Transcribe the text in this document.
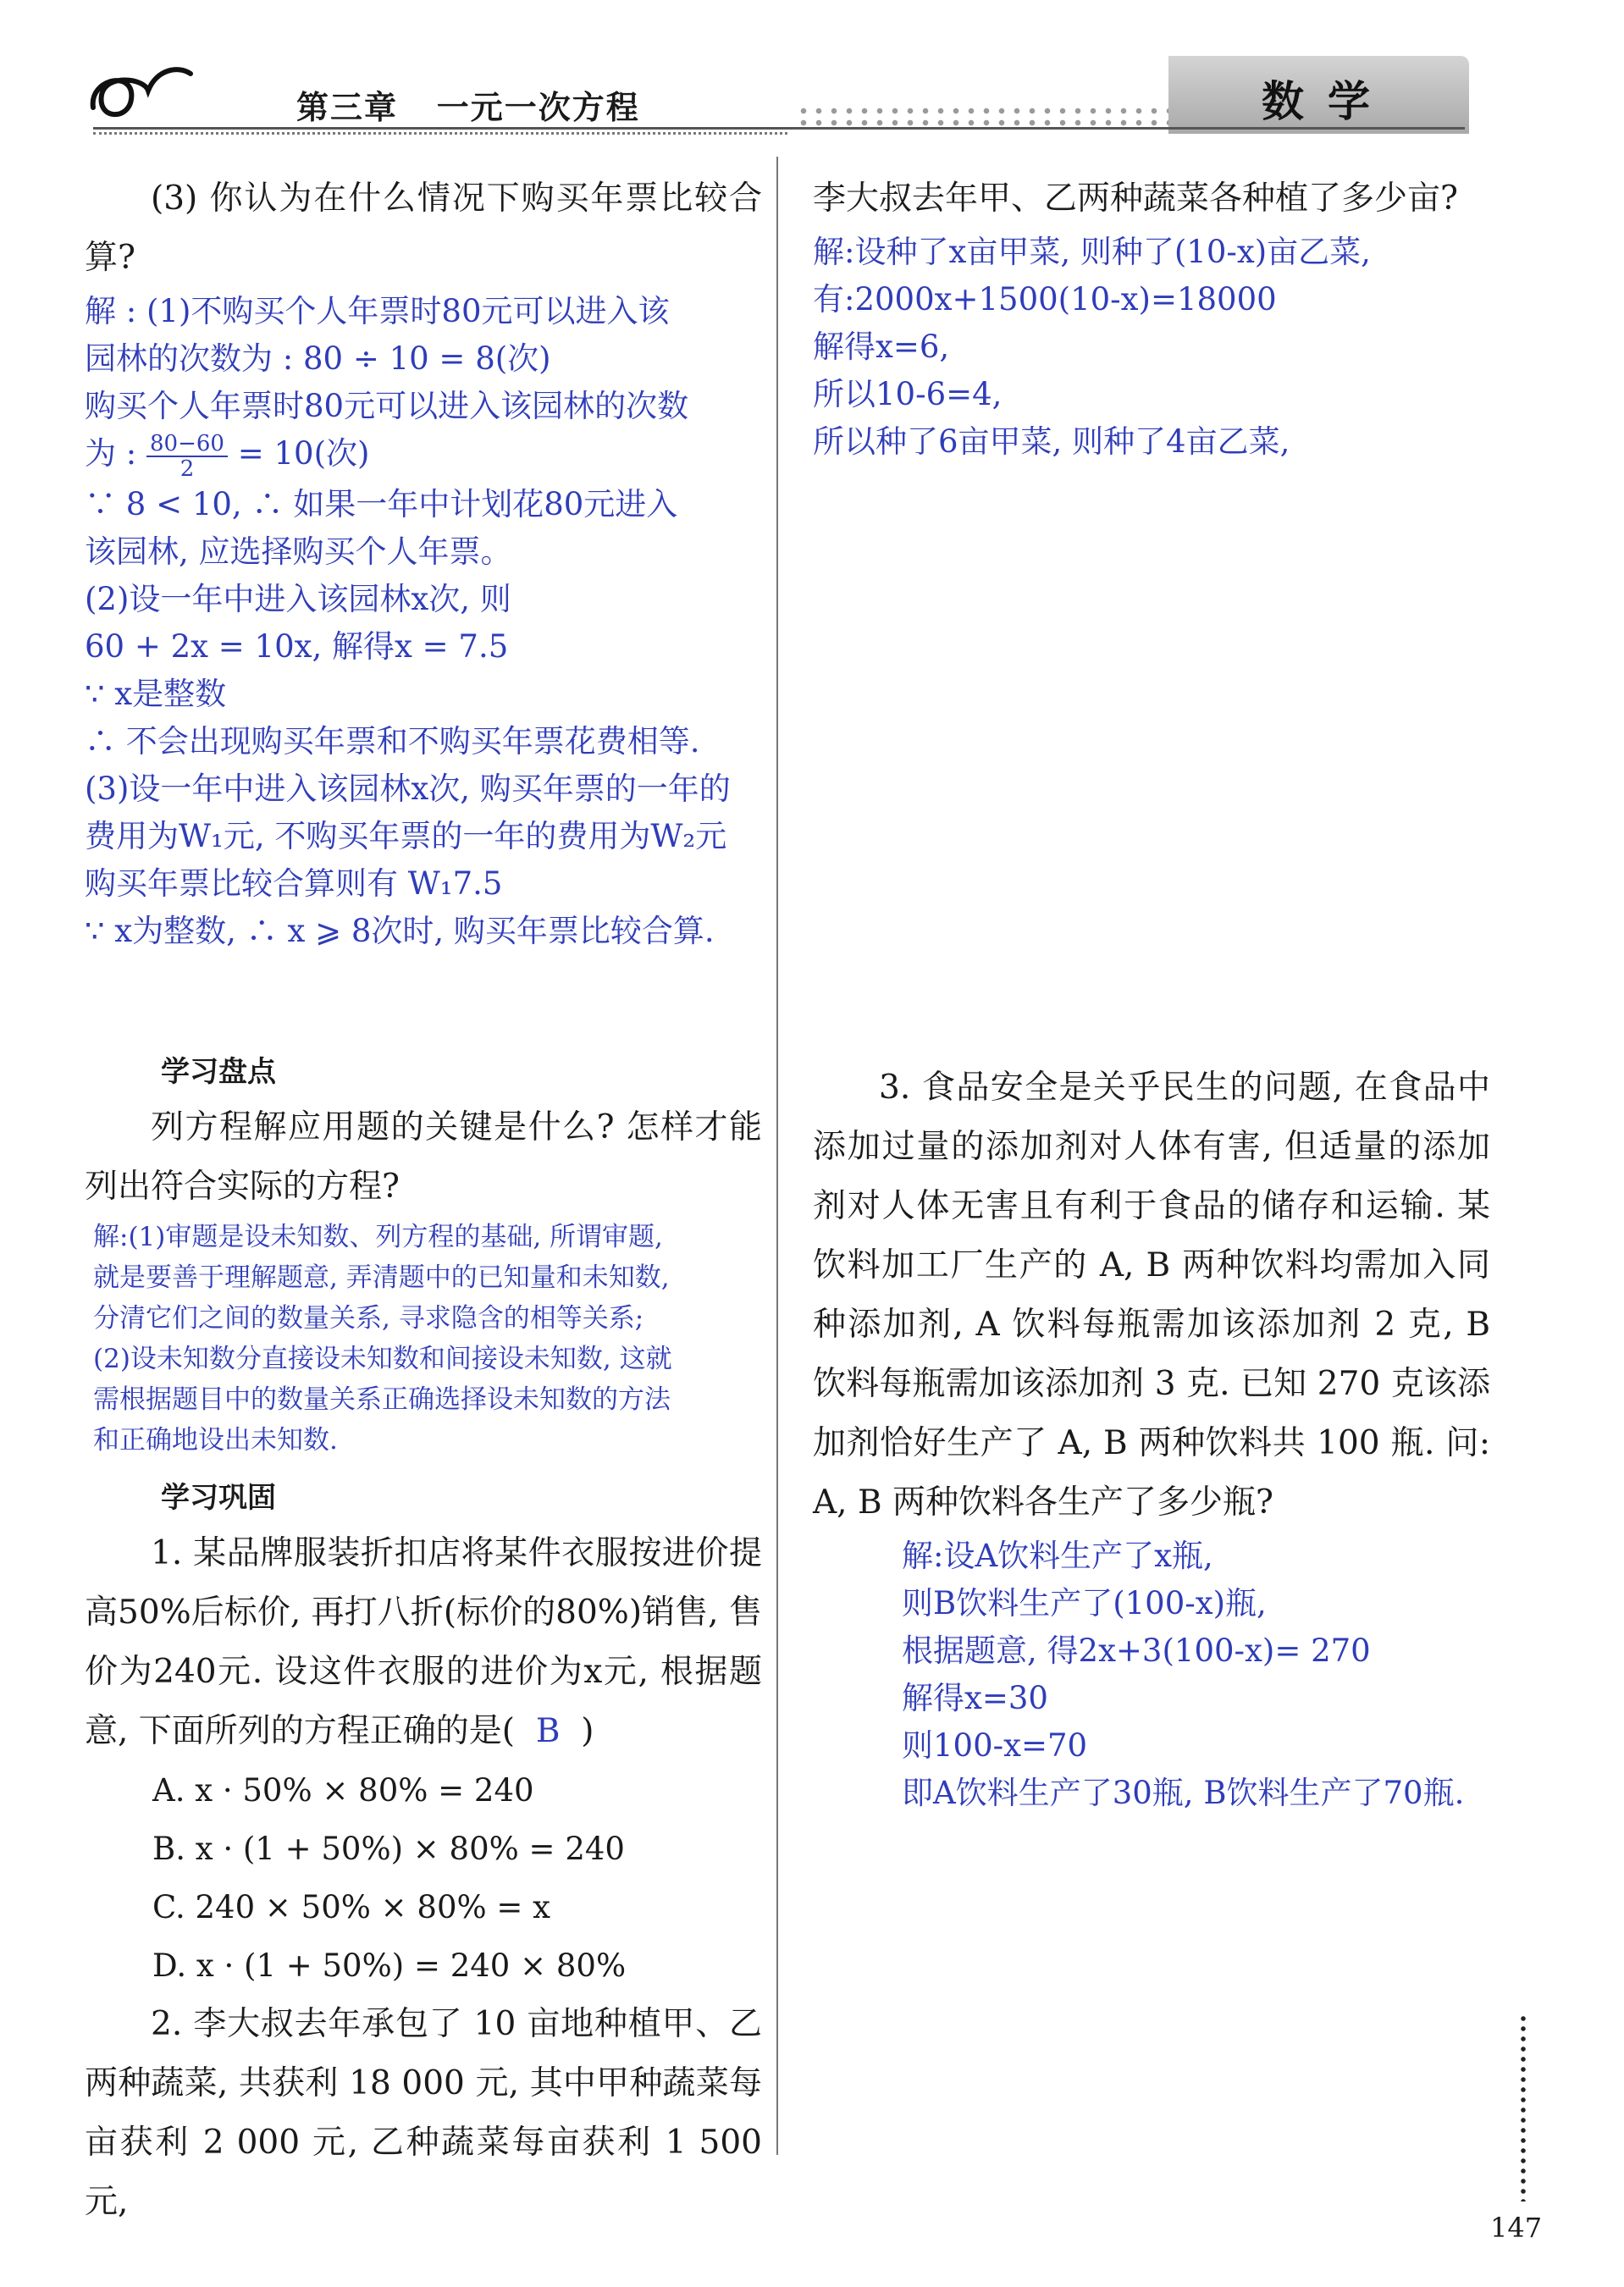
第三章   一元一次方程	数学

(3) 你认为在什么情况下购买年票比较合算?

解 : (1)不购买个人年票时80元可以进入该

园林的次数为 : 80 ÷ 10 = 8(次)

购买个人年票时80元可以进入该园林的次数

为 : $\frac{80-60}{2} = 10$(次)

∵ 8 < 10, ∴ 如果一年中计划花80元进入

该园林, 应选择购买个人年票。

(2)设一年中进入该园林x次, 则

60 + 2x = 10x, 解得x = 7.5

∵ x是整数

∴ 不会出现购买年票和不购买年票花费相等.

(3)设一年中进入该园林x次, 购买年票的一年的

费用为W₁元, 不购买年票的一年的费用为W₂元

购买年票比较合算则有 W₁7.5

∵ x为整数, ∴ x ⩾ 8次时, 购买年票比较合算.

学习盘点

列方程解应用题的关键是什么? 怎样才能列出符合实际的方程?

解:(1)审题是设未知数、列方程的基础, 所谓审题,

就是要善于理解题意, 弄清题中的已知量和未知数,

分清它们之间的数量关系, 寻求隐含的相等关系;

(2)设未知数分直接设未知数和间接设未知数, 这就

需根据题目中的数量关系正确选择设未知数的方法

和正确地设出未知数.

学习巩固

1. 某品牌服装折扣店将某件衣服按进价提高50%后标价, 再打八折(标价的80%)销售, 售价为240元. 设这件衣服的进价为x元, 根据题意, 下面所列的方程正确的是( B )

A. x · 50% × 80% = 240

B. x · (1 + 50%) × 80% = 240

C. 240 × 50% × 80% = x

D. x · (1 + 50%) = 240 × 80%

2. 李大叔去年承包了 10 亩地种植甲、乙两种蔬菜, 共获利 18 000 元, 其中甲种蔬菜每亩获利 2 000 元, 乙种蔬菜每亩获利 1 500 元,

李大叔去年甲、乙两种蔬菜各种植了多少亩?

解:设种了x亩甲菜, 则种了(10-x)亩乙菜,

有:2000x+1500(10-x)=18000

解得x=6,

所以10-6=4,

所以种了6亩甲菜, 则种了4亩乙菜,

3. 食品安全是关乎民生的问题, 在食品中添加过量的添加剂对人体有害, 但适量的添加剂对人体无害且有利于食品的储存和运输. 某饮料加工厂生产的 A, B 两种饮料均需加入同种添加剂, A 饮料每瓶需加该添加剂 2 克, B 饮料每瓶需加该添加剂 3 克. 已知 270 克该添加剂恰好生产了 A, B 两种饮料共 100 瓶. 问: A, B 两种饮料各生产了多少瓶?

解:设A饮料生产了x瓶,

则B饮料生产了(100-x)瓶,

根据题意, 得2x+3(100-x)= 270

解得x=30

则100-x=70

即A饮料生产了30瓶, B饮料生产了70瓶.

147
